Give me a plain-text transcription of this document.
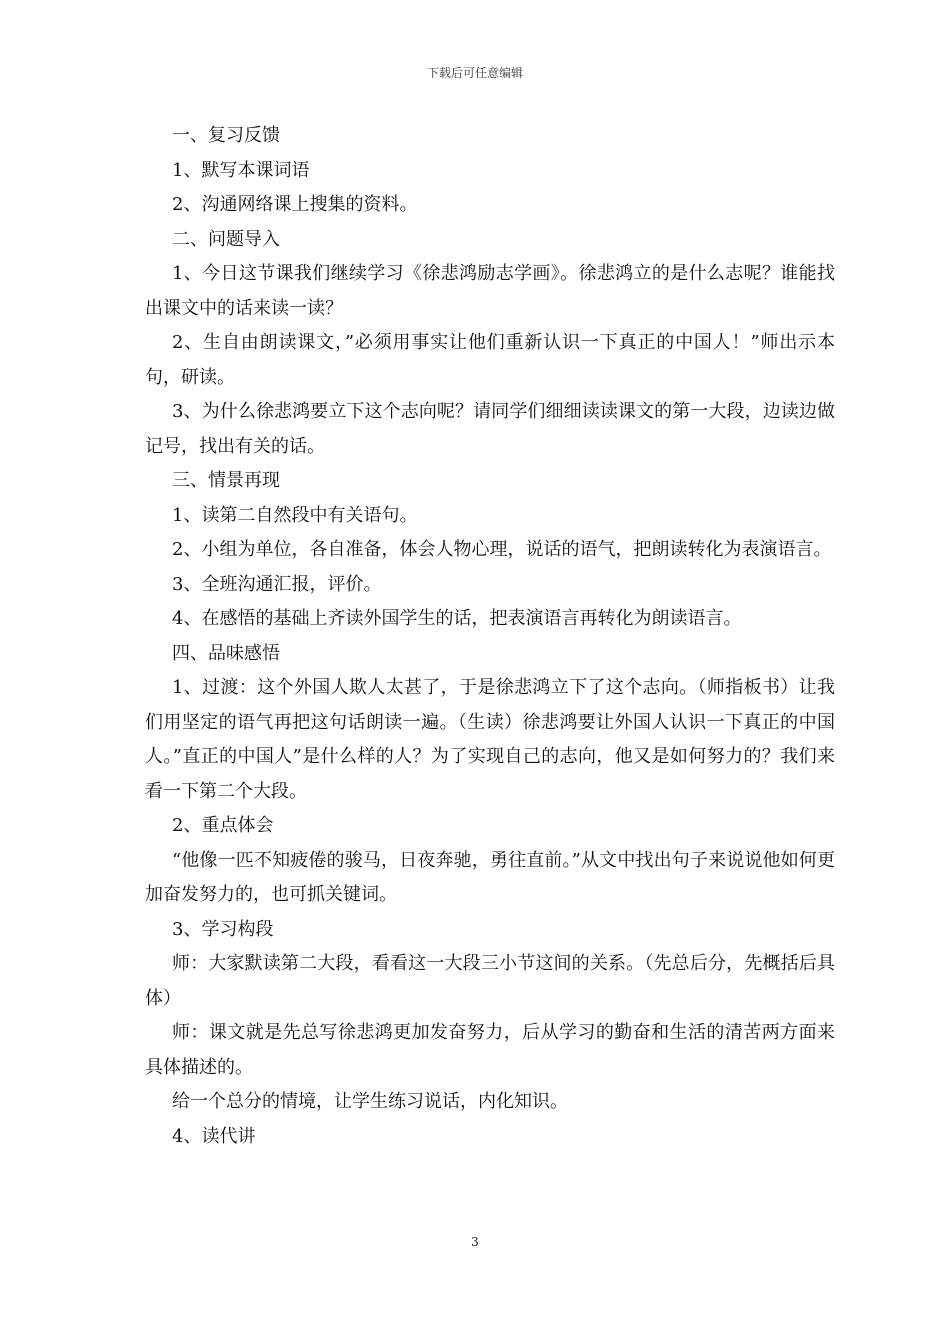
下载后可任意编辑

一、复习反馈

1、默写本课词语

2、沟通网络课上搜集的资料。

二、问题导入

1、今日这节课我们继续学习《徐悲鸿励志学画》。徐悲鸿立的是什么志呢？谁能找出课文中的话来读一读？

2、生自由朗读课文，”必须用事实让他们重新认识一下真正的中国人！”师出示本句，研读。

3、为什么徐悲鸿要立下这个志向呢？请同学们细细读读课文的第一大段，边读边做记号，找出有关的话。

三、情景再现

1、读第二自然段中有关语句。

2、小组为单位，各自准备，体会人物心理，说话的语气，把朗读转化为表演语言。

3、全班沟通汇报，评价。

4、在感悟的基础上齐读外国学生的话，把表演语言再转化为朗读语言。

四、品味感悟

1、过渡：这个外国人欺人太甚了，于是徐悲鸿立下了这个志向。（师指板书）让我们用坚定的语气再把这句话朗读一遍。（生读）徐悲鸿要让外国人认识一下真正的中国人。”直正的中国人”是什么样的人？为了实现自己的志向，他又是如何努力的？我们来看一下第二个大段。

2、重点体会

“他像一匹不知疲倦的骏马，日夜奔驰，勇往直前。”从文中找出句子来说说他如何更加奋发努力的，也可抓关键词。

3、学习构段

师：大家默读第二大段，看看这一大段三小节这间的关系。（先总后分，先概括后具体）

师：课文就是先总写徐悲鸿更加发奋努力，后从学习的勤奋和生活的清苦两方面来具体描述的。

给一个总分的情境，让学生练习说话，内化知识。

4、读代讲

3
